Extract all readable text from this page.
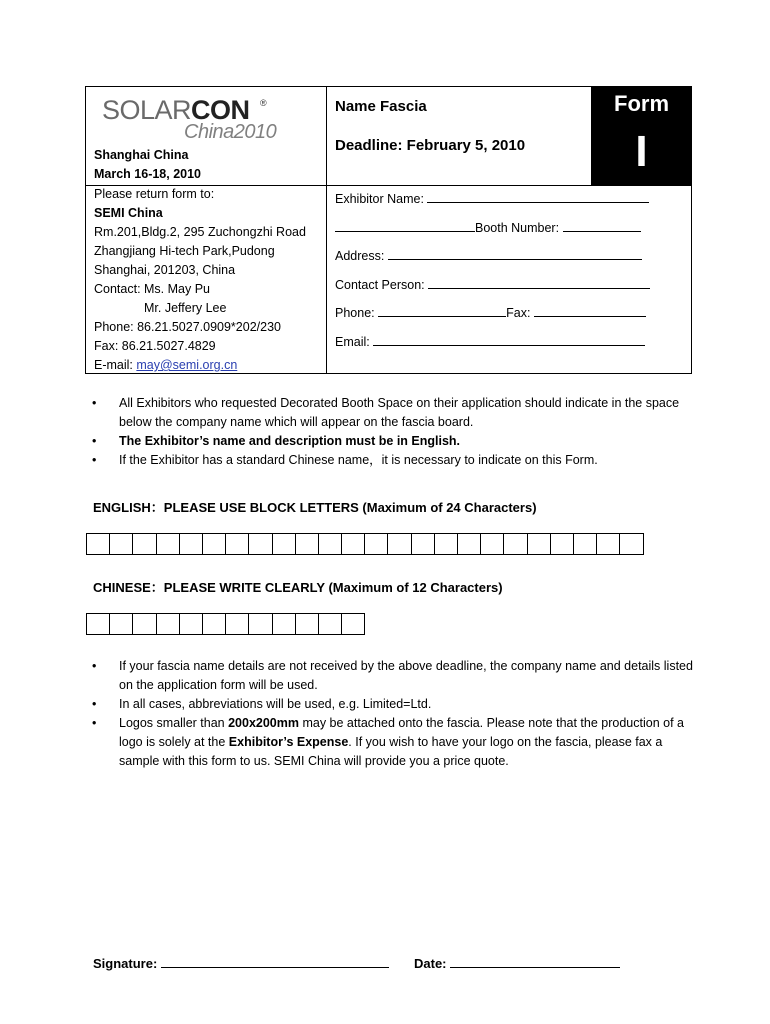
SOLARCON ®
China2010
Shanghai China
March 16-18, 2010
Please return form to:
SEMI China
Rm.201,Bldg.2, 295 Zuchongzhi Road
Zhangjiang Hi-tech Park,Pudong
Shanghai, 201203, China
Contact: Ms. May Pu
Mr. Jeffery Lee
Phone: 86.21.5027.0909*202/230
Fax: 86.21.5027.4829
E-mail: may@semi.org.cn
Name Fascia
Deadline: February 5, 2010
Exhibitor Name:
Booth Number:
Address:
Contact Person:
Phone:	Fax:
Email:
Form
I
• All Exhibitors who requested Decorated Booth Space on their application should indicate in the space below the company name which will appear on the fascia board.
• The Exhibitor’s name and description must be in English.
• If the Exhibitor has a standard Chinese name，it is necessary to indicate on this Form.
ENGLISH：PLEASE USE BLOCK LETTERS (Maximum of 24 Characters)
CHINESE：PLEASE WRITE CLEARLY (Maximum of 12 Characters)
• If your fascia name details are not received by the above deadline, the company name and details listed on the application form will be used.
• In all cases, abbreviations will be used, e.g. Limited=Ltd.
• Logos smaller than 200x200mm may be attached onto the fascia. Please note that the production of a logo is solely at the Exhibitor’s Expense. If you wish to have your logo on the fascia, please fax a sample with this form to us. SEMI China will provide you a price quote.
Signature:	Date:
